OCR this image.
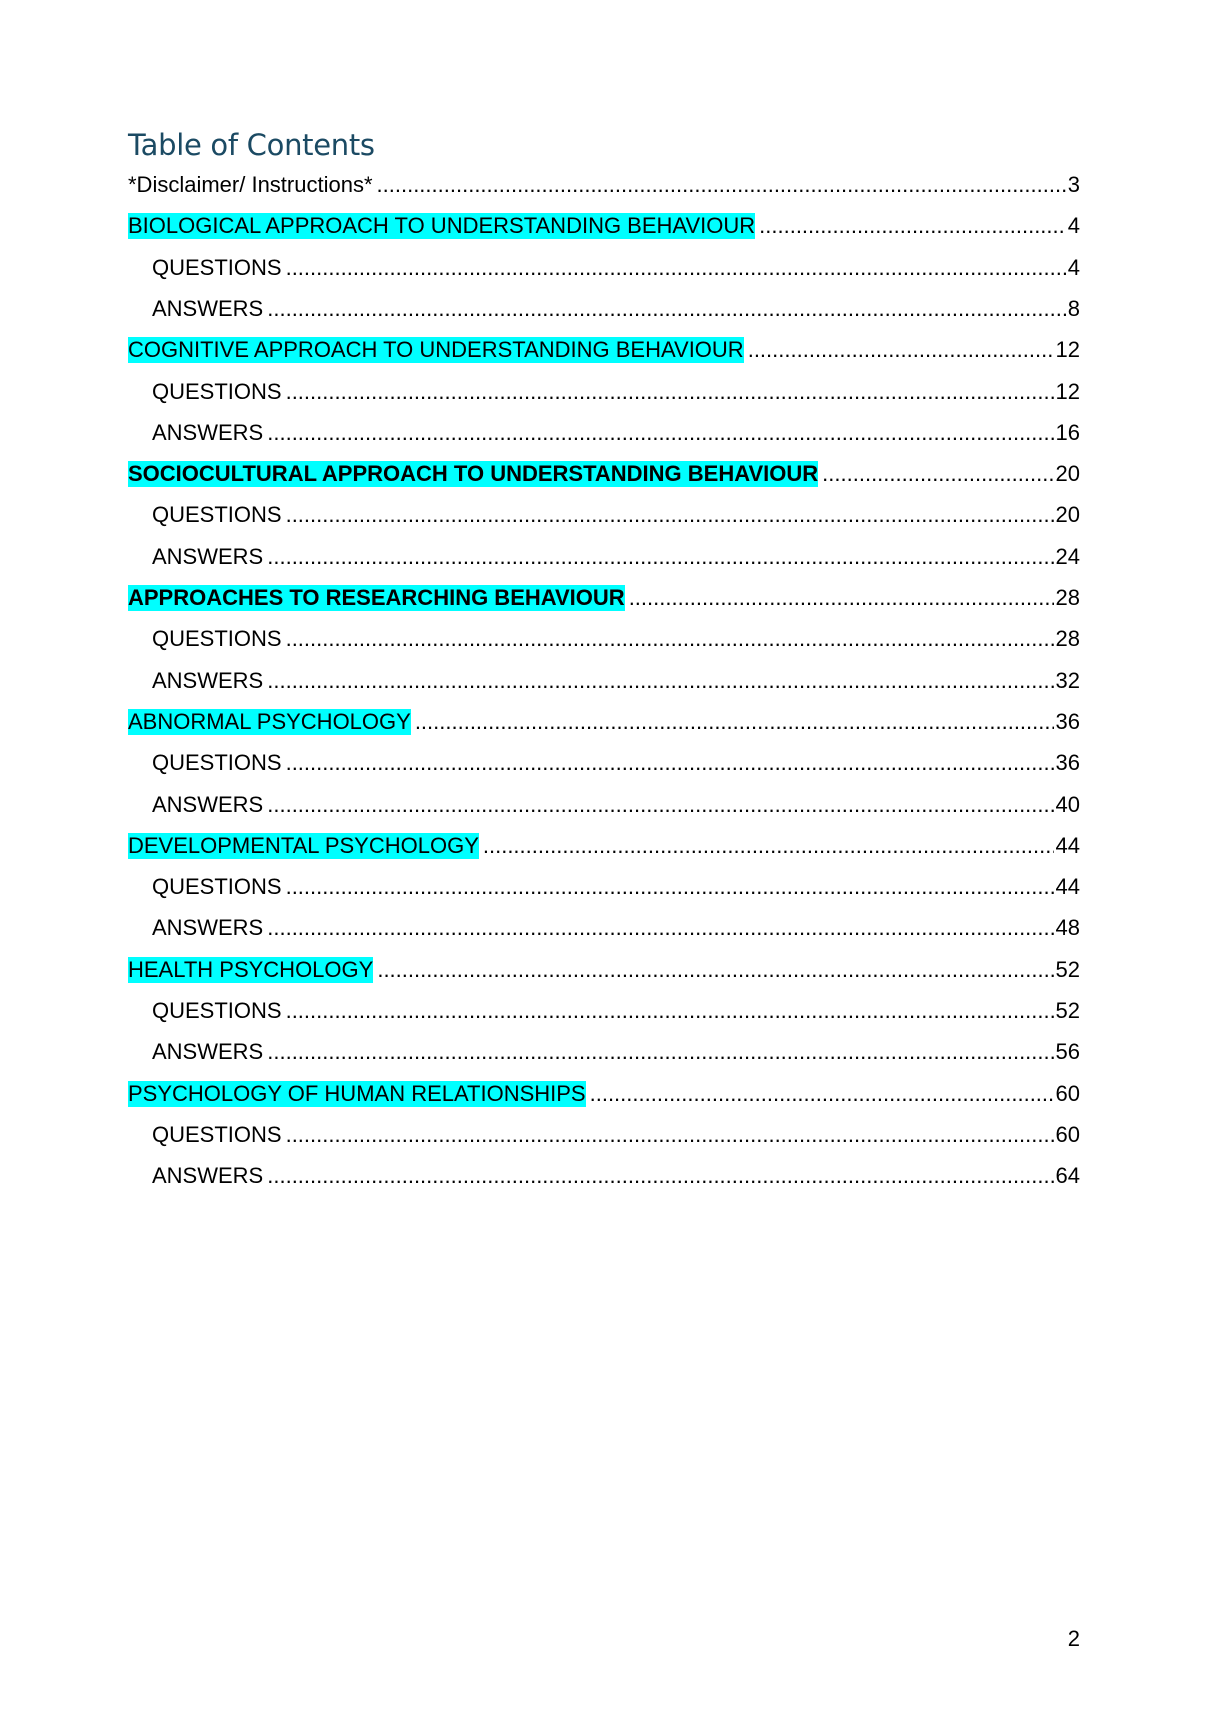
Table of Contents
*Disclaimer/ Instructions* .....	3
BIOLOGICAL APPROACH TO UNDERSTANDING BEHAVIOUR .....	4
QUESTIONS .....	4
ANSWERS .....	8
COGNITIVE APPROACH TO UNDERSTANDING BEHAVIOUR .....	12
QUESTIONS .....	12
ANSWERS .....	16
SOCIOCULTURAL APPROACH TO UNDERSTANDING BEHAVIOUR .....	20
QUESTIONS .....	20
ANSWERS .....	24
APPROACHES TO RESEARCHING BEHAVIOUR .....	28
QUESTIONS .....	28
ANSWERS .....	32
ABNORMAL PSYCHOLOGY .....	36
QUESTIONS .....	36
ANSWERS .....	40
DEVELOPMENTAL PSYCHOLOGY .....	44
QUESTIONS .....	44
ANSWERS .....	48
HEALTH PSYCHOLOGY .....	52
QUESTIONS .....	52
ANSWERS .....	56
PSYCHOLOGY OF HUMAN RELATIONSHIPS .....	60
QUESTIONS .....	60
ANSWERS .....	64
2
